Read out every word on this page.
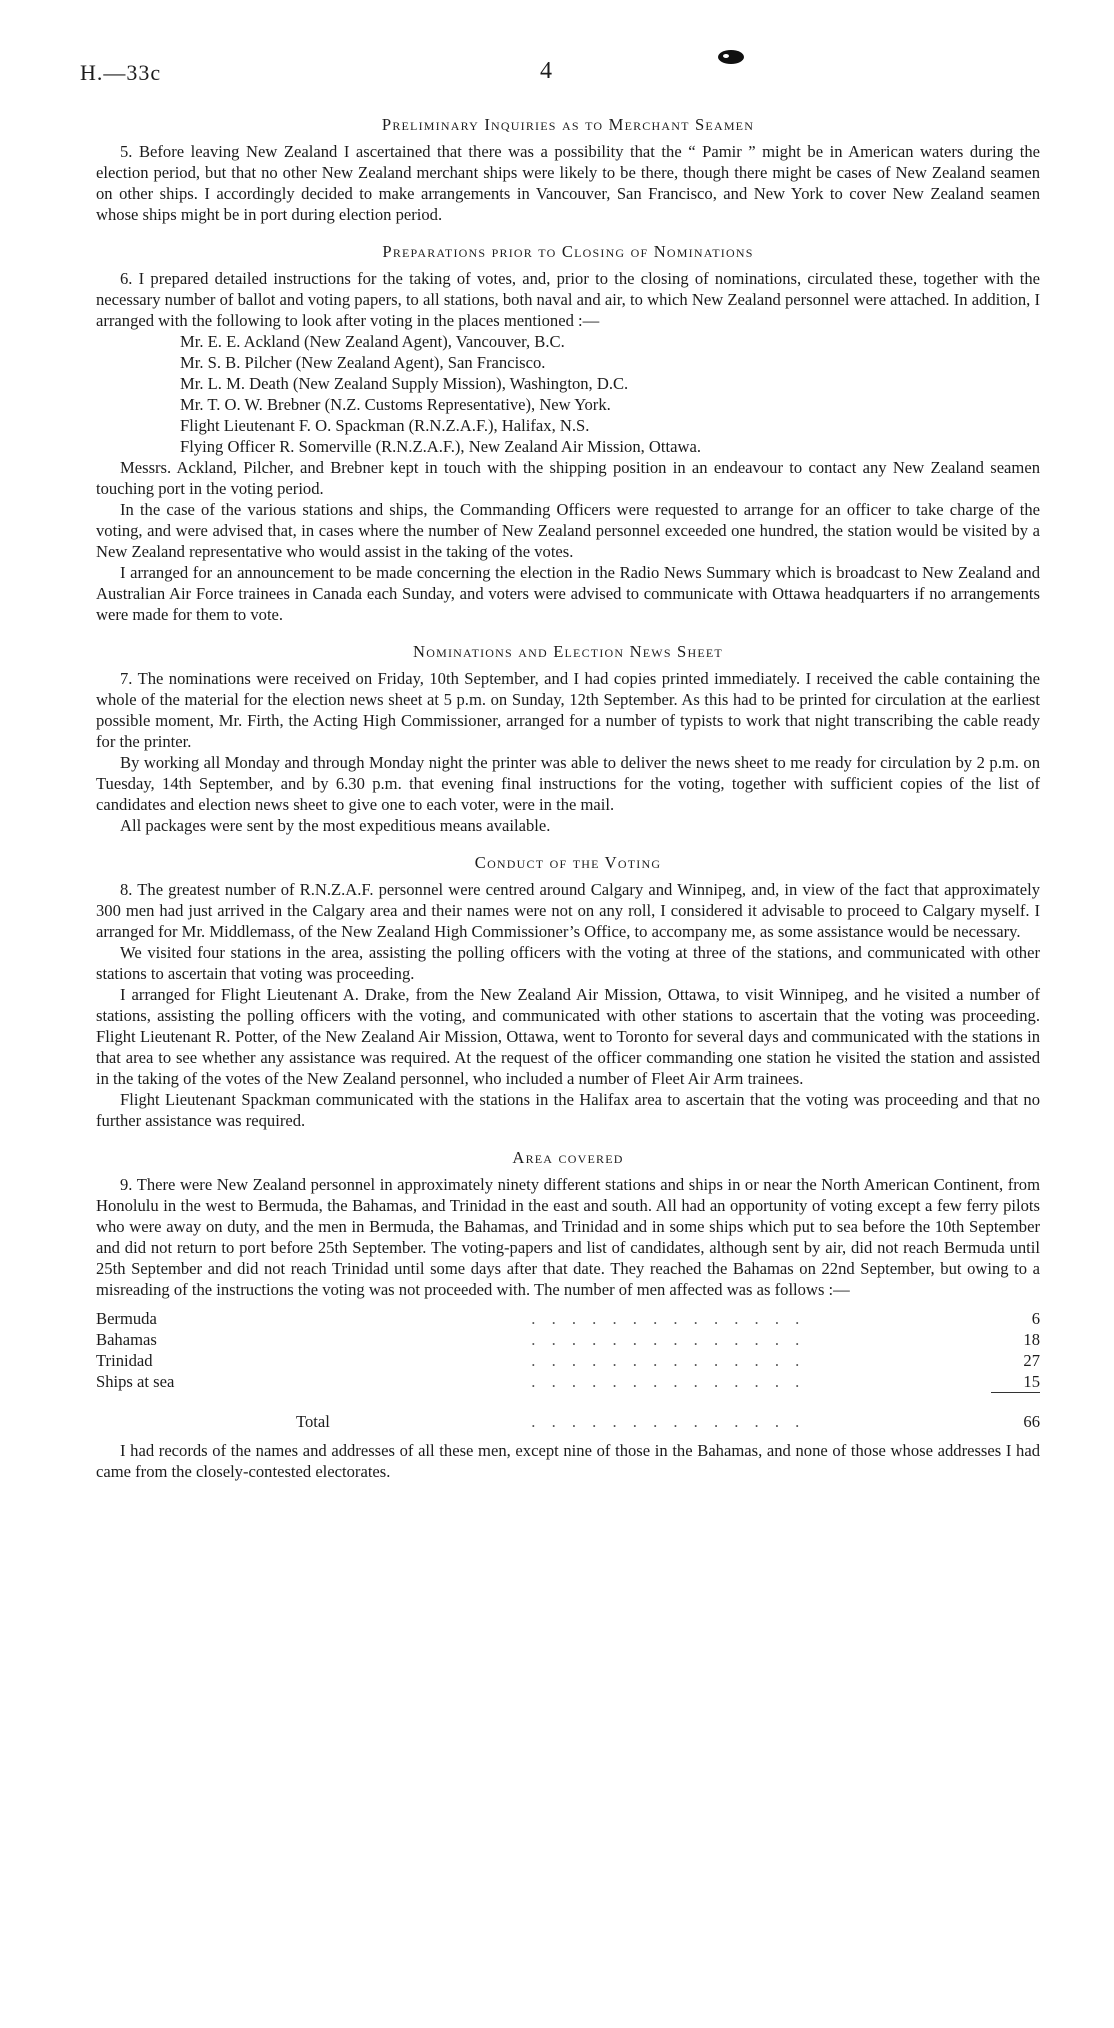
H.—33c	4
Preliminary Inquiries as to Merchant Seamen

5. Before leaving New Zealand I ascertained that there was a possibility that the “ Pamir ” might be in American waters during the election period, but that no other New Zealand merchant ships were likely to be there, though there might be cases of New Zealand seamen on other ships. I accordingly decided to make arrangements in Vancouver, San Francisco, and New York to cover New Zealand seamen whose ships might be in port during election period.

Preparations prior to Closing of Nominations

6. I prepared detailed instructions for the taking of votes, and, prior to the closing of nominations, circulated these, together with the necessary number of ballot and voting papers, to all stations, both naval and air, to which New Zealand personnel were attached. In addition, I arranged with the following to look after voting in the places mentioned :—

Mr. E. E. Ackland (New Zealand Agent), Vancouver, B.C.
Mr. S. B. Pilcher (New Zealand Agent), San Francisco.
Mr. L. M. Death (New Zealand Supply Mission), Washington, D.C.
Mr. T. O. W. Brebner (N.Z. Customs Representative), New York.
Flight Lieutenant F. O. Spackman (R.N.Z.A.F.), Halifax, N.S.
Flying Officer R. Somerville (R.N.Z.A.F.), New Zealand Air Mission, Ottawa.

Messrs. Ackland, Pilcher, and Brebner kept in touch with the shipping position in an endeavour to contact any New Zealand seamen touching port in the voting period.

In the case of the various stations and ships, the Commanding Officers were requested to arrange for an officer to take charge of the voting, and were advised that, in cases where the number of New Zealand personnel exceeded one hundred, the station would be visited by a New Zealand representative who would assist in the taking of the votes.

I arranged for an announcement to be made concerning the election in the Radio News Summary which is broadcast to New Zealand and Australian Air Force trainees in Canada each Sunday, and voters were advised to communicate with Ottawa headquarters if no arrangements were made for them to vote.

Nominations and Election News Sheet

7. The nominations were received on Friday, 10th September, and I had copies printed immediately. I received the cable containing the whole of the material for the election news sheet at 5 p.m. on Sunday, 12th September. As this had to be printed for circulation at the earliest possible moment, Mr. Firth, the Acting High Commissioner, arranged for a number of typists to work that night transcribing the cable ready for the printer.

By working all Monday and through Monday night the printer was able to deliver the news sheet to me ready for circulation by 2 p.m. on Tuesday, 14th September, and by 6.30 p.m. that evening final instructions for the voting, together with sufficient copies of the list of candidates and election news sheet to give one to each voter, were in the mail.

All packages were sent by the most expeditious means available.

Conduct of the Voting

8. The greatest number of R.N.Z.A.F. personnel were centred around Calgary and Winnipeg, and, in view of the fact that approximately 300 men had just arrived in the Calgary area and their names were not on any roll, I considered it advisable to proceed to Calgary myself. I arranged for Mr. Middlemass, of the New Zealand High Commissioner’s Office, to accompany me, as some assistance would be necessary.

We visited four stations in the area, assisting the polling officers with the voting at three of the stations, and communicated with other stations to ascertain that voting was proceeding.

I arranged for Flight Lieutenant A. Drake, from the New Zealand Air Mission, Ottawa, to visit Winnipeg, and he visited a number of stations, assisting the polling officers with the voting, and communicated with other stations to ascertain that the voting was proceeding. Flight Lieutenant R. Potter, of the New Zealand Air Mission, Ottawa, went to Toronto for several days and communicated with the stations in that area to see whether any assistance was required. At the request of the officer commanding one station he visited the station and assisted in the taking of the votes of the New Zealand personnel, who included a number of Fleet Air Arm trainees.

Flight Lieutenant Spackman communicated with the stations in the Halifax area to ascertain that the voting was proceeding and that no further assistance was required.

Area covered

9. There were New Zealand personnel in approximately ninety different stations and ships in or near the North American Continent, from Honolulu in the west to Bermuda, the Bahamas, and Trinidad in the east and south. All had an opportunity of voting except a few ferry pilots who were away on duty, and the men in Bermuda, the Bahamas, and Trinidad and in some ships which put to sea before the 10th September and did not return to port before 25th September. The voting-papers and list of candidates, although sent by air, did not reach Bermuda until 25th September and did not reach Trinidad until some days after that date. They reached the Bahamas on 22nd September, but owing to a misreading of the instructions the voting was not proceeded with. The number of men affected was as follows :—

Bermuda	. . . . . . . . . . . . . .	6
Bahamas	. . . . . . . . . . . . . .	18
Trinidad	. . . . . . . . . . . . . .	27
Ships at sea	. . . . . . . . . . . . . .	15
Total	. . . . . . . . . . . . . .	66

I had records of the names and addresses of all these men, except nine of those in the Bahamas, and none of those whose addresses I had came from the closely-contested electorates.
